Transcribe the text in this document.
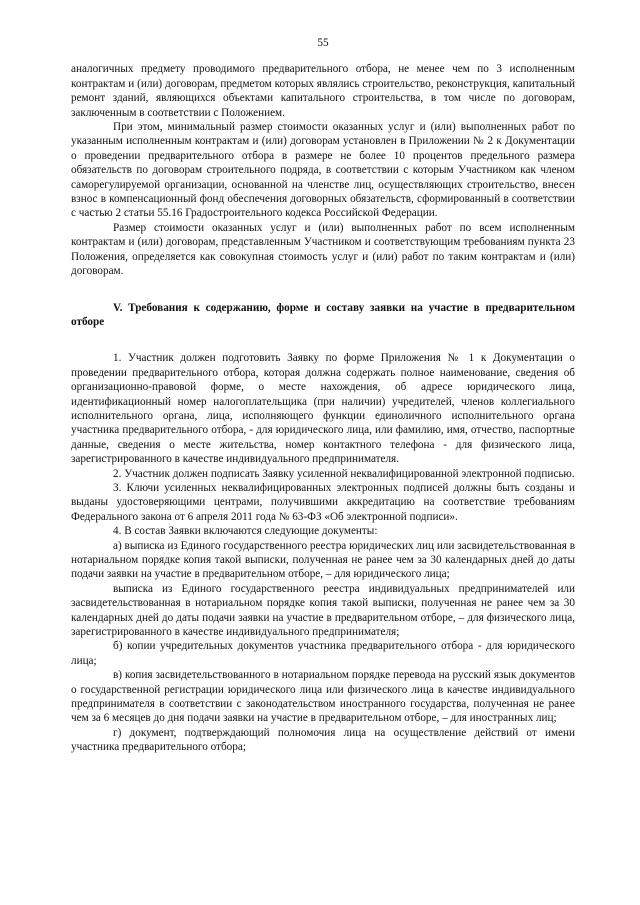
55

аналогичных предмету проводимого предварительного отбора, не менее чем по 3 исполненным контрактам и (или) договорам, предметом которых являлись строительство, реконструкция, капитальный ремонт зданий, являющихся объектами капитального строительства, в том числе по договорам, заключенным в соответствии с Положением.

При этом, минимальный размер стоимости оказанных услуг и (или) выполненных работ по указанным исполненным контрактам и (или) договорам установлен в Приложении № 2 к Документации о проведении предварительного отбора в размере не более 10 процентов предельного размера обязательств по договорам строительного подряда, в соответствии с которым Участником как членом саморегулируемой организации, основанной на членстве лиц, осуществляющих строительство, внесен взнос в компенсационный фонд обеспечения договорных обязательств, сформированный в соответствии с частью 2 статьи 55.16 Градостроительного кодекса Российской Федерации.

Размер стоимости оказанных услуг и (или) выполненных работ по всем исполненным контрактам и (или) договорам, представленным Участником и соответствующим требованиям пункта 23 Положения, определяется как совокупная стоимость услуг и (или) работ по таким контрактам и (или) договорам.

V. Требования к содержанию, форме и составу заявки на участие в предварительном отборе

1. Участник должен подготовить Заявку по форме Приложения № 1 к Документации о проведении предварительного отбора, которая должна содержать полное наименование, сведения об организационно-правовой форме, о месте нахождения, об адресе юридического лица, идентификационный номер налогоплательщика (при наличии) учредителей, членов коллегиального исполнительного органа, лица, исполняющего функции единоличного исполнительного органа участника предварительного отбора, - для юридического лица, или фамилию, имя, отчество, паспортные данные, сведения о месте жительства, номер контактного телефона - для физического лица, зарегистрированного в качестве индивидуального предпринимателя.

2. Участник должен подписать Заявку усиленной неквалифицированной электронной подписью.

3. Ключи усиленных неквалифицированных электронных подписей должны быть созданы и выданы удостоверяющими центрами, получившими аккредитацию на соответствие требованиям Федерального закона от 6 апреля 2011 года № 63-ФЗ «Об электронной подписи».

4. В состав Заявки включаются следующие документы:

а) выписка из Единого государственного реестра юридических лиц или засвидетельствованная в нотариальном порядке копия такой выписки, полученная не ранее чем за 30 календарных дней до даты подачи заявки на участие в предварительном отборе, – для юридического лица;

выписка из Единого государственного реестра индивидуальных предпринимателей или засвидетельствованная в нотариальном порядке копия такой выписки, полученная не ранее чем за 30 календарных дней до даты подачи заявки на участие в предварительном отборе, – для физического лица, зарегистрированного в качестве индивидуального предпринимателя;

б) копии учредительных документов участника предварительного отбора - для юридического лица;

в) копия засвидетельствованного в нотариальном порядке перевода на русский язык документов о государственной регистрации юридического лица или физического лица в качестве индивидуального предпринимателя в соответствии с законодательством иностранного государства, полученная не ранее чем за 6 месяцев до дня подачи заявки на участие в предварительном отборе, – для иностранных лиц;

г) документ, подтверждающий полномочия лица на осуществление действий от имени участника предварительного отбора;
